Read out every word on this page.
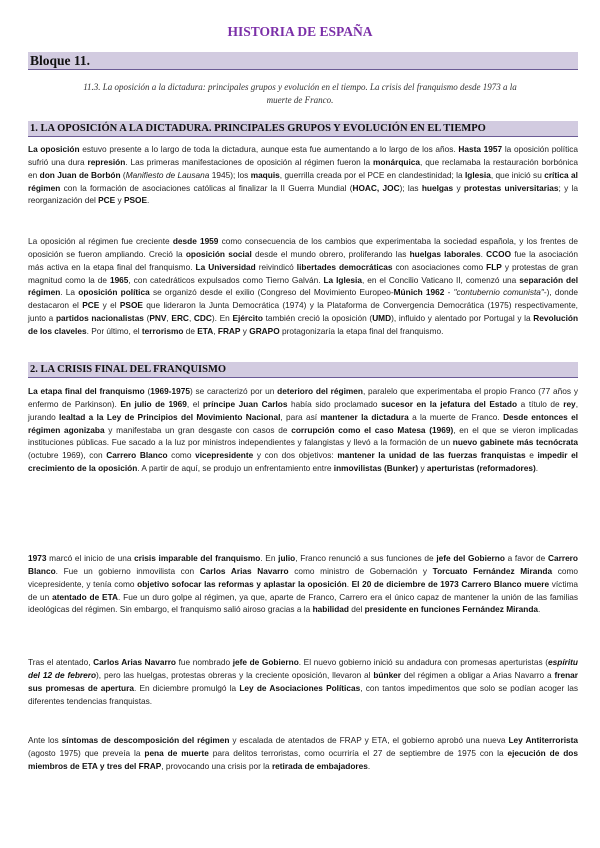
HISTORIA DE ESPAÑA
Bloque 11.
11.3. La oposición a la dictadura: principales grupos y evolución en el tiempo. La crisis del franquismo desde 1973 a la muerte de Franco.
1. LA OPOSICIÓN A LA DICTADURA. PRINCIPALES GRUPOS Y EVOLUCIÓN EN EL TIEMPO

La oposición estuvo presente a lo largo de toda la dictadura, aunque esta fue aumentando a lo largo de los años. Hasta 1957 la oposición política sufrió una dura represión. Las primeras manifestaciones de oposición al régimen fueron la monárquica, que reclamaba la restauración borbónica en don Juan de Borbón (Manifiesto de Lausana 1945); los maquis, guerrilla creada por el PCE en clandestinidad; la Iglesia, que inició su crítica al régimen con la formación de asociaciones católicas al finalizar la II Guerra Mundial (HOAC, JOC); las huelgas y protestas universitarias; y la reorganización del PCE y PSOE.

La oposición al régimen fue creciente desde 1959 como consecuencia de los cambios que experimentaba la sociedad española, y los frentes de oposición se fueron ampliando. Creció la oposición social desde el mundo obrero, proliferando las huelgas laborales. CCOO fue la asociación más activa en la etapa final del franquismo. La Universidad reivindicó libertades democráticas con asociaciones como FLP y protestas de gran magnitud como la de 1965, con catedráticos expulsados como Tierno Galván. La Iglesia, en el Concilio Vaticano II, comenzó una separación del régimen. La oposición política se organizó desde el exilio (Congreso del Movimiento Europeo-Múnich 1962 - "contubernio comunista"-), donde destacaron el PCE y el PSOE que lideraron la Junta Democrática (1974) y la Plataforma de Convergencia Democrática (1975) respectivamente, junto a partidos nacionalistas (PNV, ERC, CDC). En Ejército también creció la oposición (UMD), influido y alentado por Portugal y la Revolución de los claveles. Por último, el terrorismo de ETA, FRAP y GRAPO protagonizaría la etapa final del franquismo.

2. LA CRISIS FINAL DEL FRANQUISMO

La etapa final del franquismo (1969-1975) se caracterizó por un deterioro del régimen, paralelo que experimentaba el propio Franco (77 años y enfermo de Parkinson). En julio de 1969, el príncipe Juan Carlos había sido proclamado sucesor en la jefatura del Estado a título de rey, jurando lealtad a la Ley de Principios del Movimiento Nacional, para así mantener la dictadura a la muerte de Franco. Desde entonces el régimen agonizaba y manifestaba un gran desgaste con casos de corrupción como el caso Matesa (1969), en el que se vieron implicadas instituciones públicas. Fue sacado a la luz por ministros independientes y falangistas y llevó a la formación de un nuevo gabinete más tecnócrata (octubre 1969), con Carrero Blanco como vicepresidente y con dos objetivos: mantener la unidad de las fuerzas franquistas e impedir el crecimiento de la oposición. A partir de aquí, se produjo un enfrentamiento entre inmovilistas (Bunker) y aperturistas (reformadores).

1973 marcó el inicio de una crisis imparable del franquismo. En julio, Franco renunció a sus funciones de jefe del Gobierno a favor de Carrero Blanco. Fue un gobierno inmovilista con Carlos Arias Navarro como ministro de Gobernación y Torcuato Fernández Miranda como vicepresidente, y tenía como objetivo sofocar las reformas y aplastar la oposición. El 20 de diciembre de 1973 Carrero Blanco muere víctima de un atentado de ETA. Fue un duro golpe al régimen, ya que, aparte de Franco, Carrero era el único capaz de mantener la unión de las familias ideológicas del régimen. Sin embargo, el franquismo salió airoso gracias a la habilidad del presidente en funciones Fernández Miranda.

Tras el atentado, Carlos Arias Navarro fue nombrado jefe de Gobierno. El nuevo gobierno inició su andadura con promesas aperturistas (espíritu del 12 de febrero), pero las huelgas, protestas obreras y la creciente oposición, llevaron al búnker del régimen a obligar a Arias Navarro a frenar sus promesas de apertura. En diciembre promulgó la Ley de Asociaciones Políticas, con tantos impedimentos que solo se podían acoger las diferentes tendencias franquistas.

Ante los síntomas de descomposición del régimen y escalada de atentados de FRAP y ETA, el gobierno aprobó una nueva Ley Antiterrorista (agosto 1975) que preveía la pena de muerte para delitos terroristas, como ocurriría el 27 de septiembre de 1975 con la ejecución de dos miembros de ETA y tres del FRAP, provocando una crisis por la retirada de embajadores.
